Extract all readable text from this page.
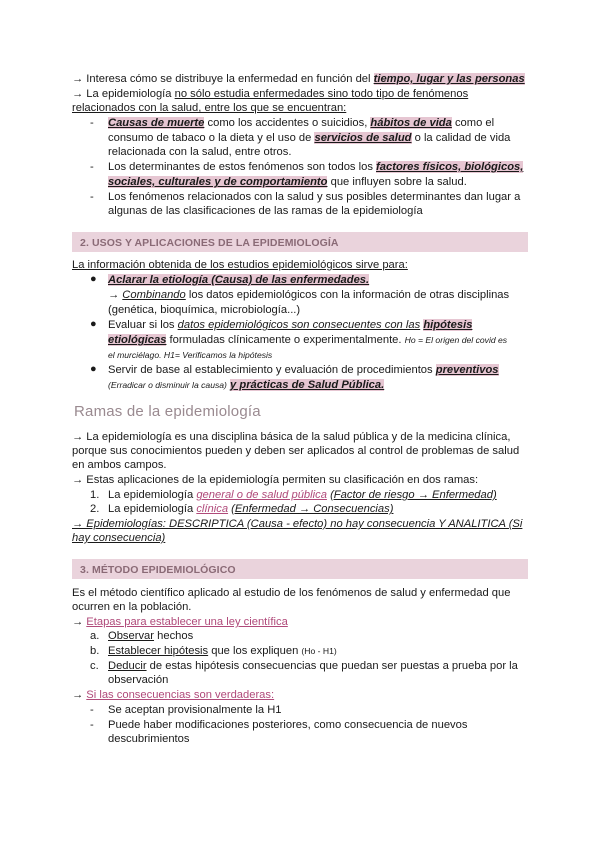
→ Interesa cómo se distribuye la enfermedad en función del tiempo, lugar y las personas
→ La epidemiología no sólo estudia enfermedades sino todo tipo de fenómenos
relacionados con la salud, entre los que se encuentran:
- Causas de muerte como los accidentes o suicidios, hábitos de vida como el
consumo de tabaco o la dieta y el uso de servicios de salud o la calidad de vida
relacionada con la salud, entre otros.
- Los determinantes de estos fenómenos son todos los factores físicos, biológicos,
sociales, culturales y de comportamiento que influyen sobre la salud.
- Los fenómenos relacionados con la salud y sus posibles determinantes dan lugar a
algunas de las clasificaciones de las ramas de la epidemiología
2. USOS Y APLICACIONES DE LA EPIDEMIOLOGÍA
La información obtenida de los estudios epidemiológicos sirve para:
● Aclarar la etiología (Causa) de las enfermedades.
→ Combinando los datos epidemiológicos con la información de otras disciplinas
(genética, bioquímica, microbiología...)
● Evaluar si los datos epidemiológicos son consecuentes con las hipótesis
etiológicas formuladas clínicamente o experimentalmente. Ho = El origen del covid es
el murciélago. H1= Verificamos la hipótesis
● Servir de base al establecimiento y evaluación de procedimientos preventivos
(Erradicar o disminuir la causa) y prácticas de Salud Pública.
Ramas de la epidemiología
→ La epidemiología es una disciplina básica de la salud pública y de la medicina clínica,
porque sus conocimientos pueden y deben ser aplicados al control de problemas de salud
en ambos campos.
→ Estas aplicaciones de la epidemiología permiten su clasificación en dos ramas:
1. La epidemiología general o de salud pública (Factor de riesgo → Enfermedad)
2. La epidemiología clínica (Enfermedad → Consecuencias)
→ Epidemiologías: DESCRIPTICA (Causa - efecto) no hay consecuencia Y ANALITICA (Si
hay consecuencia)
3. MÉTODO EPIDEMIOLÓGICO
Es el método científico aplicado al estudio de los fenómenos de salud y enfermedad que
ocurren en la población.
→ Etapas para establecer una ley científica
a. Observar hechos
b. Establecer hipótesis que los expliquen (Ho - H1)
c. Deducir de estas hipótesis consecuencias que puedan ser puestas a prueba por la
observación
→ Si las consecuencias son verdaderas:
- Se aceptan provisionalmente la H1
- Puede haber modificaciones posteriores, como consecuencia de nuevos
descubrimientos
